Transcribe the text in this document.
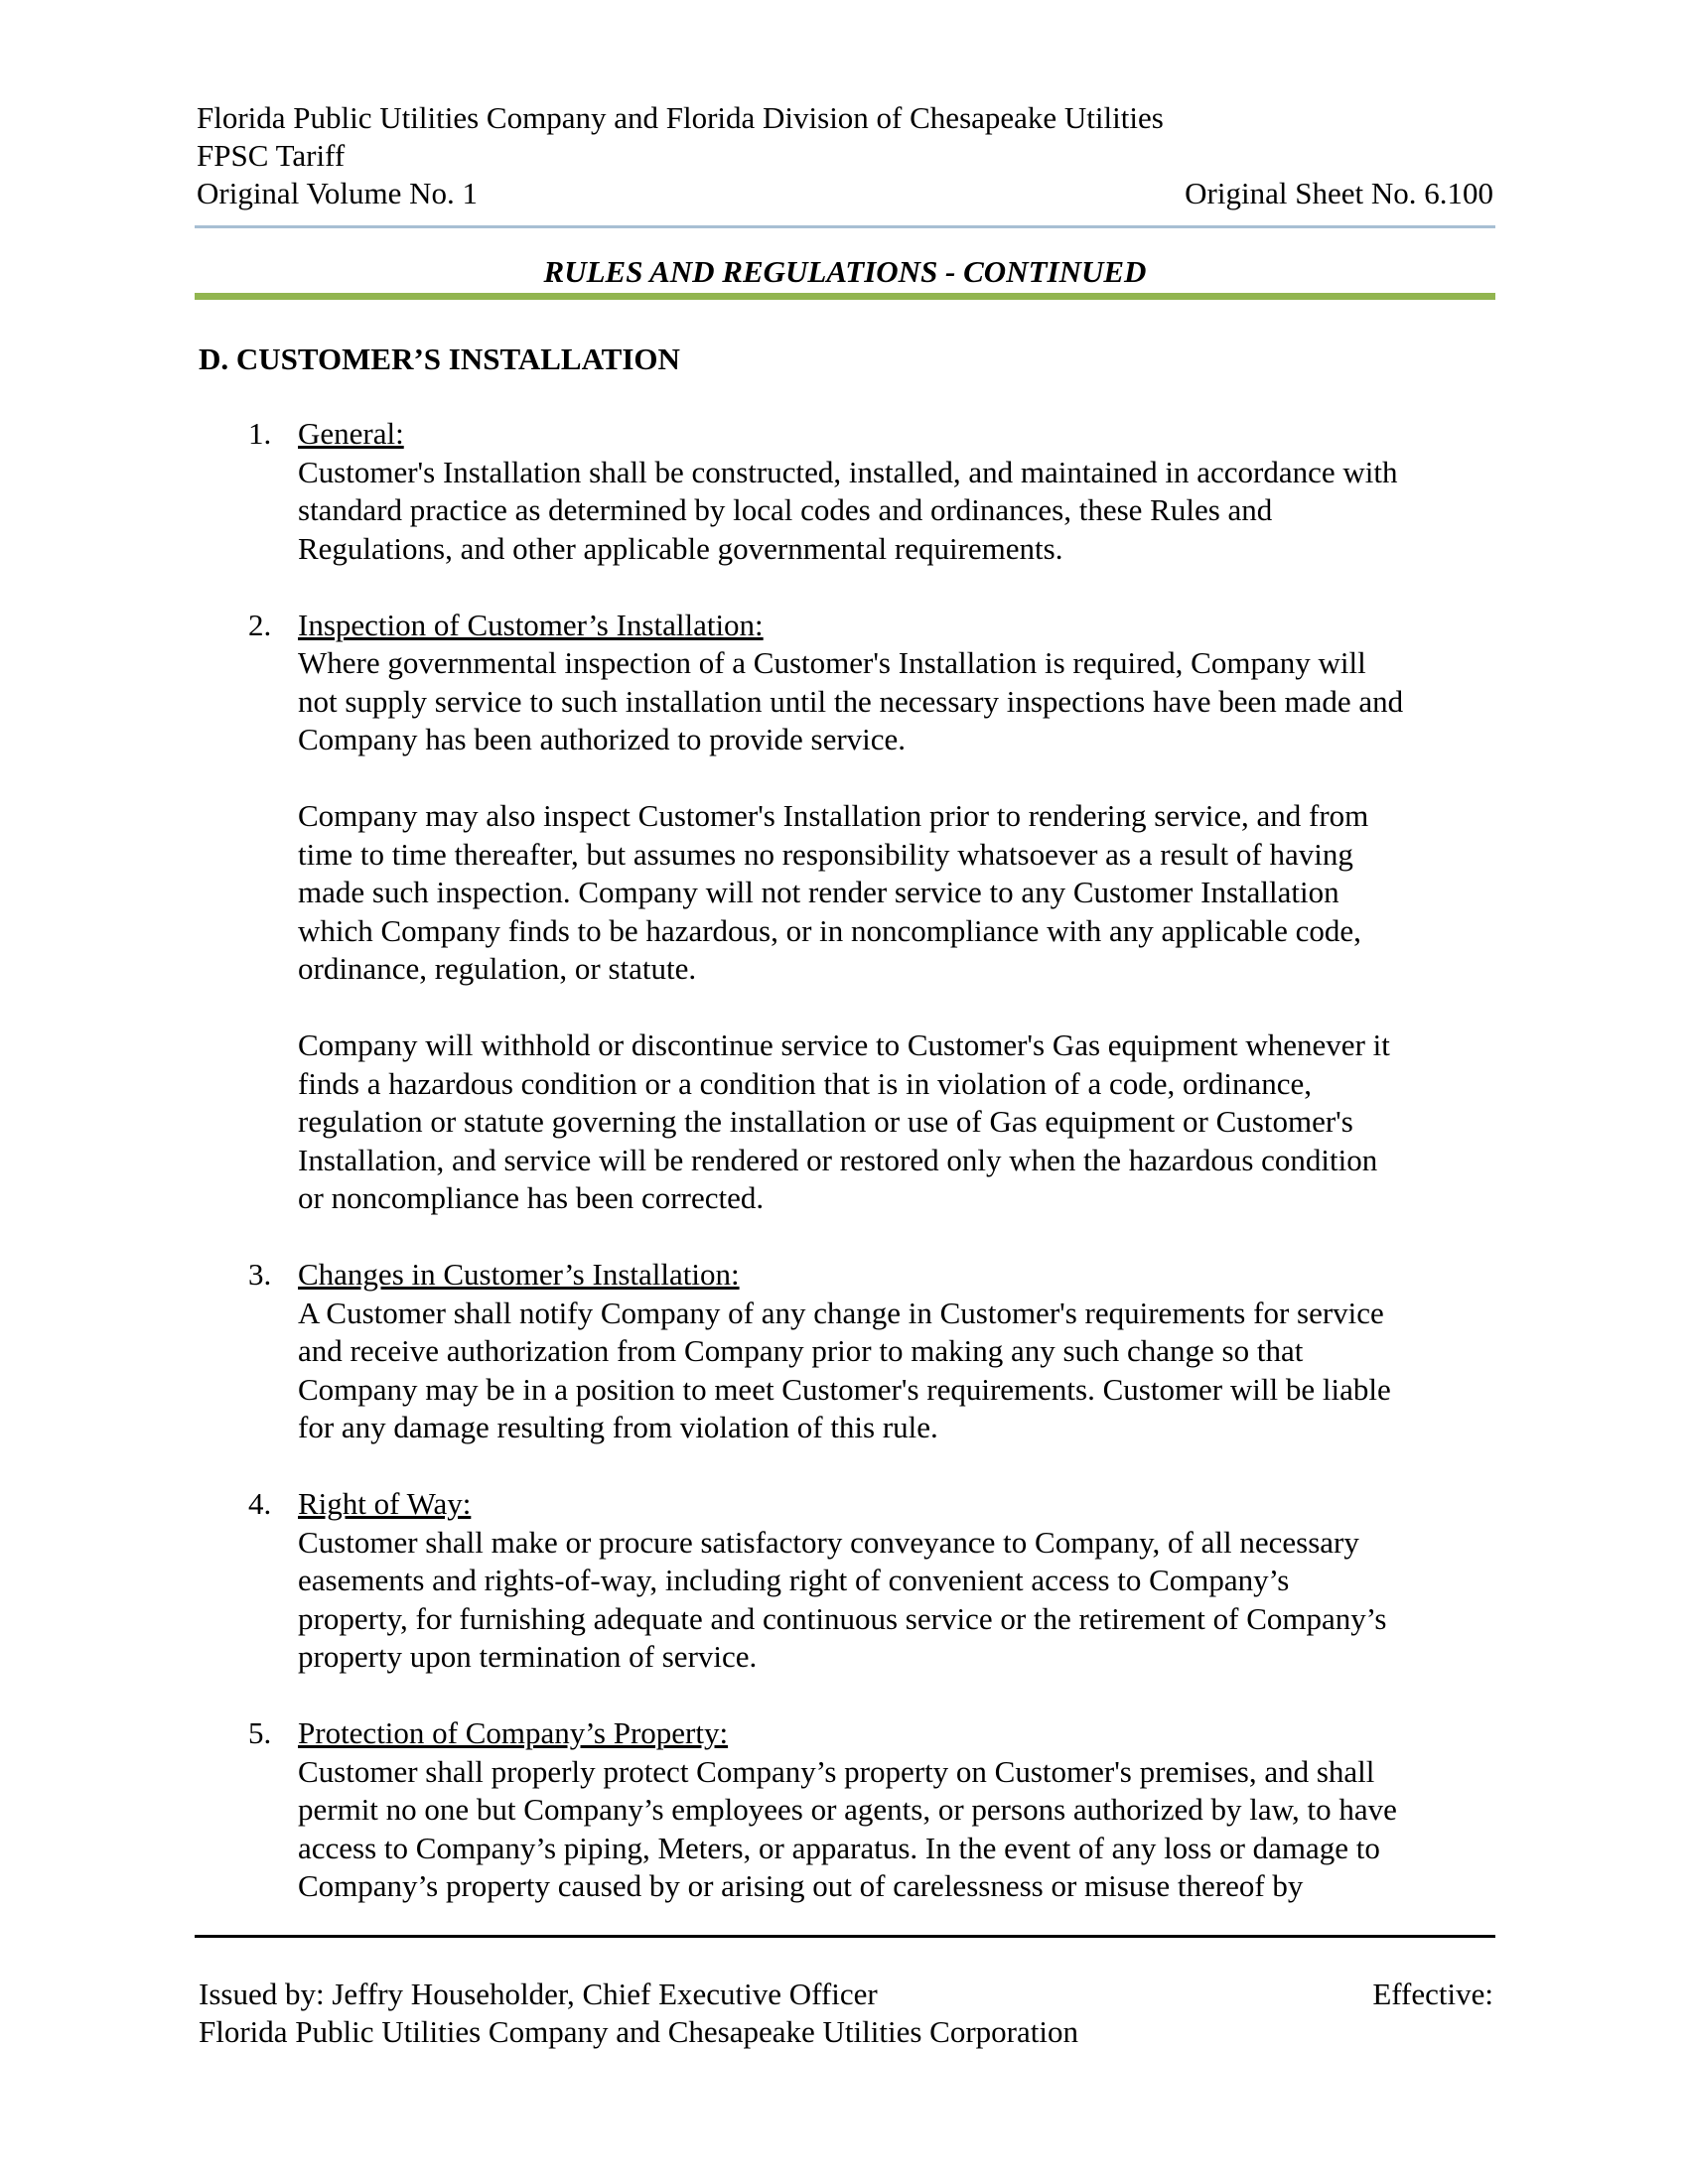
Florida Public Utilities Company and Florida Division of Chesapeake Utilities
FPSC Tariff
Original Volume No. 1	Original Sheet No. 6.100
RULES AND REGULATIONS - CONTINUED
D. CUSTOMER’S INSTALLATION
1. General:
Customer's Installation shall be constructed, installed, and maintained in accordance with
standard practice as determined by local codes and ordinances, these Rules and
Regulations, and other applicable governmental requirements.
2. Inspection of Customer’s Installation:
Where governmental inspection of a Customer's Installation is required, Company will
not supply service to such installation until the necessary inspections have been made and
Company has been authorized to provide service.
Company may also inspect Customer's Installation prior to rendering service, and from
time to time thereafter, but assumes no responsibility whatsoever as a result of having
made such inspection. Company will not render service to any Customer Installation
which Company finds to be hazardous, or in noncompliance with any applicable code,
ordinance, regulation, or statute.
Company will withhold or discontinue service to Customer's Gas equipment whenever it
finds a hazardous condition or a condition that is in violation of a code, ordinance,
regulation or statute governing the installation or use of Gas equipment or Customer's
Installation, and service will be rendered or restored only when the hazardous condition
or noncompliance has been corrected.
3. Changes in Customer’s Installation:
A Customer shall notify Company of any change in Customer's requirements for service
and receive authorization from Company prior to making any such change so that
Company may be in a position to meet Customer's requirements. Customer will be liable
for any damage resulting from violation of this rule.
4. Right of Way:
Customer shall make or procure satisfactory conveyance to Company, of all necessary
easements and rights-of-way, including right of convenient access to Company’s
property, for furnishing adequate and continuous service or the retirement of Company’s
property upon termination of service.
5. Protection of Company’s Property:
Customer shall properly protect Company’s property on Customer's premises, and shall
permit no one but Company’s employees or agents, or persons authorized by law, to have
access to Company’s piping, Meters, or apparatus. In the event of any loss or damage to
Company’s property caused by or arising out of carelessness or misuse thereof by
Issued by: Jeffry Householder, Chief Executive Officer	Effective:
Florida Public Utilities Company and Chesapeake Utilities Corporation
